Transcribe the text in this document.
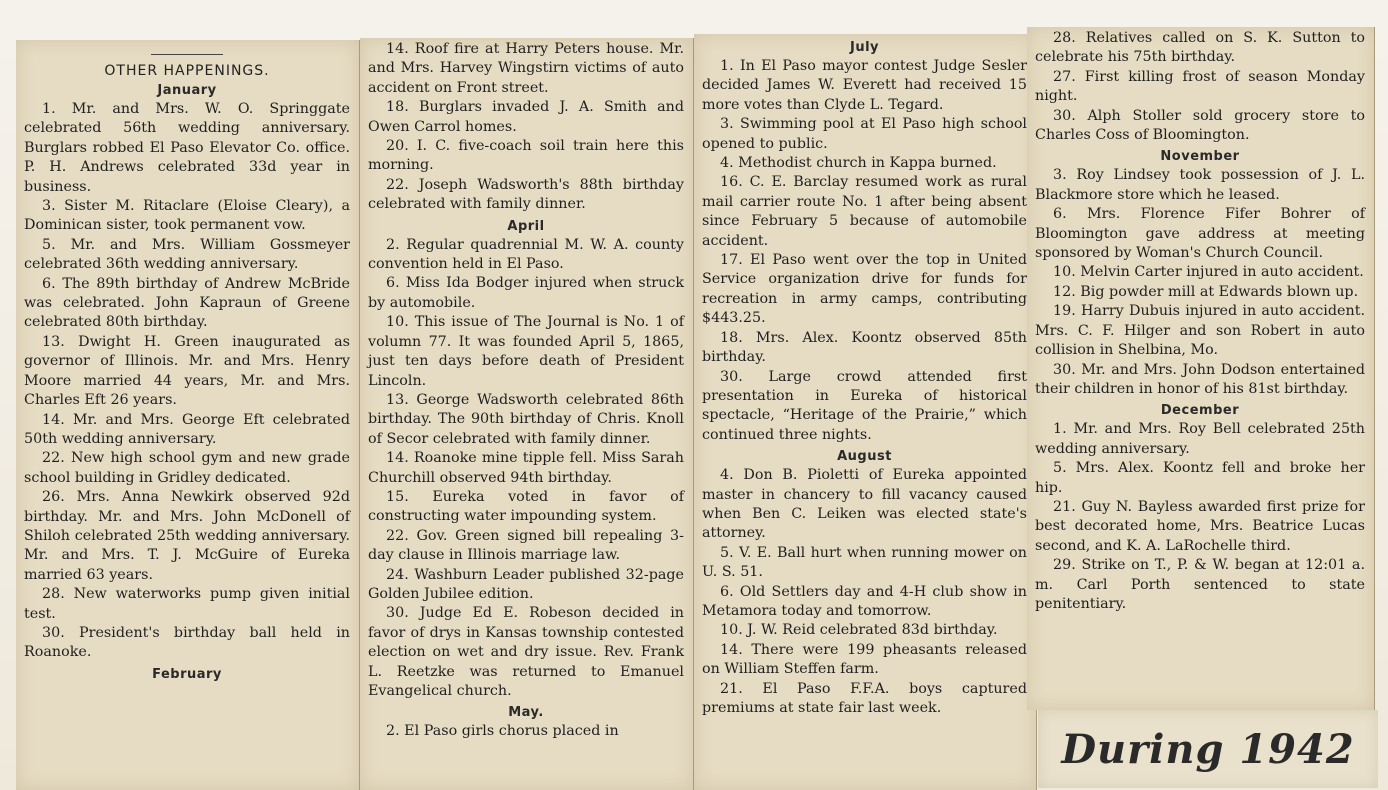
OTHER HAPPENINGS.
January

1. Mr. and Mrs. W. O. Springgate celebrated 56th wedding anniversary. Burglars robbed El Paso Elevator Co. office. P. H. Andrews celebrated 33d year in business.

3. Sister M. Ritaclare (Eloise Cleary), a Dominican sister, took permanent vow.

5. Mr. and Mrs. William Gossmeyer celebrated 36th wedding anniversary.

6. The 89th birthday of Andrew McBride was celebrated. John Kapraun of Greene celebrated 80th birthday.

13. Dwight H. Green inaugurated as governor of Illinois. Mr. and Mrs. Henry Moore married 44 years, Mr. and Mrs. Charles Eft 26 years.

14. Mr. and Mrs. George Eft celebrated 50th wedding anniversary.

22. New high school gym and new grade school building in Gridley dedicated.

26. Mrs. Anna Newkirk observed 92d birthday. Mr. and Mrs. John McDonell of Shiloh celebrated 25th wedding anniversary. Mr. and Mrs. T. J. McGuire of Eureka married 63 years.

28. New waterworks pump given initial test.

30. President's birthday ball held in Roanoke.

February

14. Roof fire at Harry Peters house. Mr. and Mrs. Harvey Wingstirn victims of auto accident on Front street.

18. Burglars invaded J. A. Smith and Owen Carrol homes.

20. I. C. five-coach soil train here this morning.

22. Joseph Wadsworth's 88th birthday celebrated with family dinner.

April

2. Regular quadrennial M. W. A. county convention held in El Paso.

6. Miss Ida Bodger injured when struck by automobile.

10. This issue of The Journal is No. 1 of volumn 77. It was founded April 5, 1865, just ten days before death of President Lincoln.

13. George Wadsworth celebrated 86th birthday. The 90th birthday of Chris. Knoll of Secor celebrated with family dinner.

14. Roanoke mine tipple fell. Miss Sarah Churchill observed 94th birthday.

15. Eureka voted in favor of constructing water impounding system.

22. Gov. Green signed bill repealing 3-day clause in Illinois marriage law.

24. Washburn Leader published 32-page Golden Jubilee edition.

30. Judge Ed E. Robeson decided in favor of drys in Kansas township contested election on wet and dry issue. Rev. Frank L. Reetzke was returned to Emanuel Evangelical church.

May.

2. El Paso girls chorus placed in

July

1. In El Paso mayor contest Judge Sesler decided James W. Everett had received 15 more votes than Clyde L. Tegard.

3. Swimming pool at El Paso high school opened to public.

4. Methodist church in Kappa burned.

16. C. E. Barclay resumed work as rural mail carrier route No. 1 after being absent since February 5 because of automobile accident.

17. El Paso went over the top in United Service organization drive for funds for recreation in army camps, contributing $443.25.

18. Mrs. Alex. Koontz observed 85th birthday.

30. Large crowd attended first presentation in Eureka of historical spectacle, “Heritage of the Prairie,” which continued three nights.

August

4. Don B. Pioletti of Eureka appointed master in chancery to fill vacancy caused when Ben C. Leiken was elected state's attorney.

5. V. E. Ball hurt when running mower on U. S. 51.

6. Old Settlers day and 4-H club show in Metamora today and tomorrow.

10. J. W. Reid celebrated 83d birthday.

14. There were 199 pheasants released on William Steffen farm.

21. El Paso F.F.A. boys captured premiums at state fair last week.

28. Relatives called on S. K. Sutton to celebrate his 75th birthday.

27. First killing frost of season Monday night.

30. Alph Stoller sold grocery store to Charles Coss of Bloomington.

November

3. Roy Lindsey took possession of J. L. Blackmore store which he leased.

6. Mrs. Florence Fifer Bohrer of Bloomington gave address at meeting sponsored by Woman's Church Council.

10. Melvin Carter injured in auto accident.

12. Big powder mill at Edwards blown up.

19. Harry Dubuis injured in auto accident. Mrs. C. F. Hilger and son Robert in auto collision in Shelbina, Mo.

30. Mr. and Mrs. John Dodson entertained their children in honor of his 81st birthday.

December

1. Mr. and Mrs. Roy Bell celebrated 25th wedding anniversary.

5. Mrs. Alex. Koontz fell and broke her hip.

21. Guy N. Bayless awarded first prize for best decorated home, Mrs. Beatrice Lucas second, and K. A. LaRochelle third.

29. Strike on T., P. & W. began at 12:01 a. m. Carl Porth sentenced to state penitentiary.

During 1942
